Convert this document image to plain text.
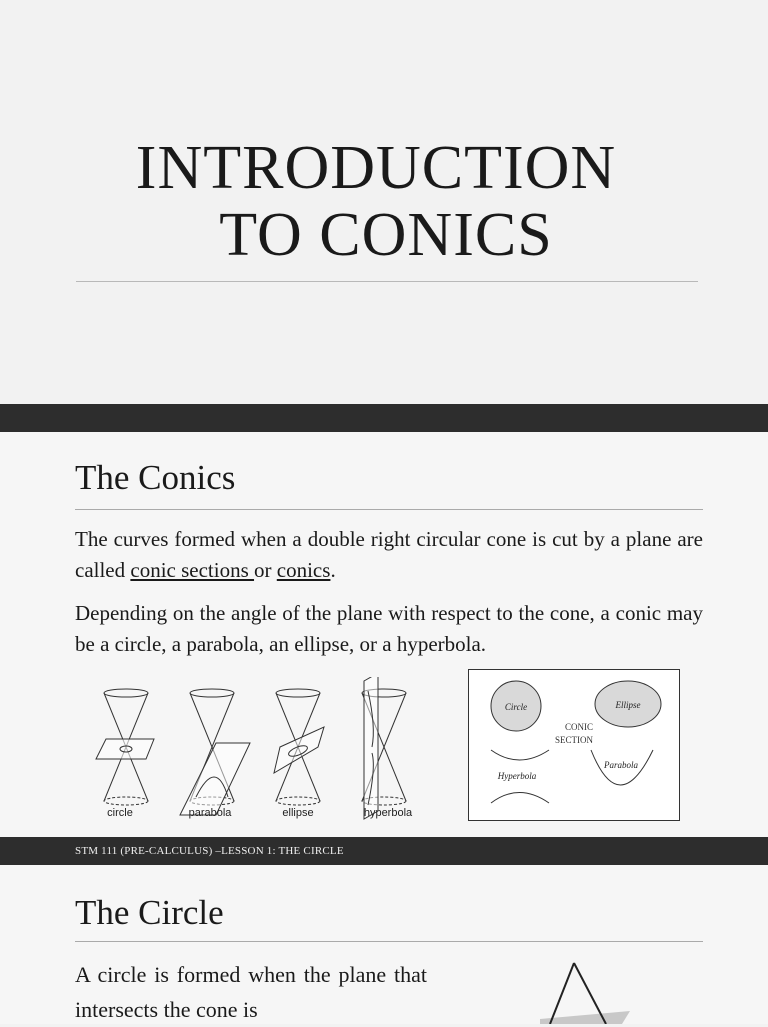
INTRODUCTION
TO CONICS
The Conics

The curves formed when a double right circular cone is cut by a plane are called conic sections or conics.

Depending on the angle of the plane with respect to the cone, a conic may be a circle, a parabola, an ellipse, or a hyperbola.

circle	parabola	ellipse	hyperbola
Circle	Ellipse
CONIC
SECTION
Hyperbola
Parabola
STM 111 (PRE-CALCULUS) –LESSON 1: THE CIRCLE
The Circle

A circle is formed when the plane that intersects the cone is
